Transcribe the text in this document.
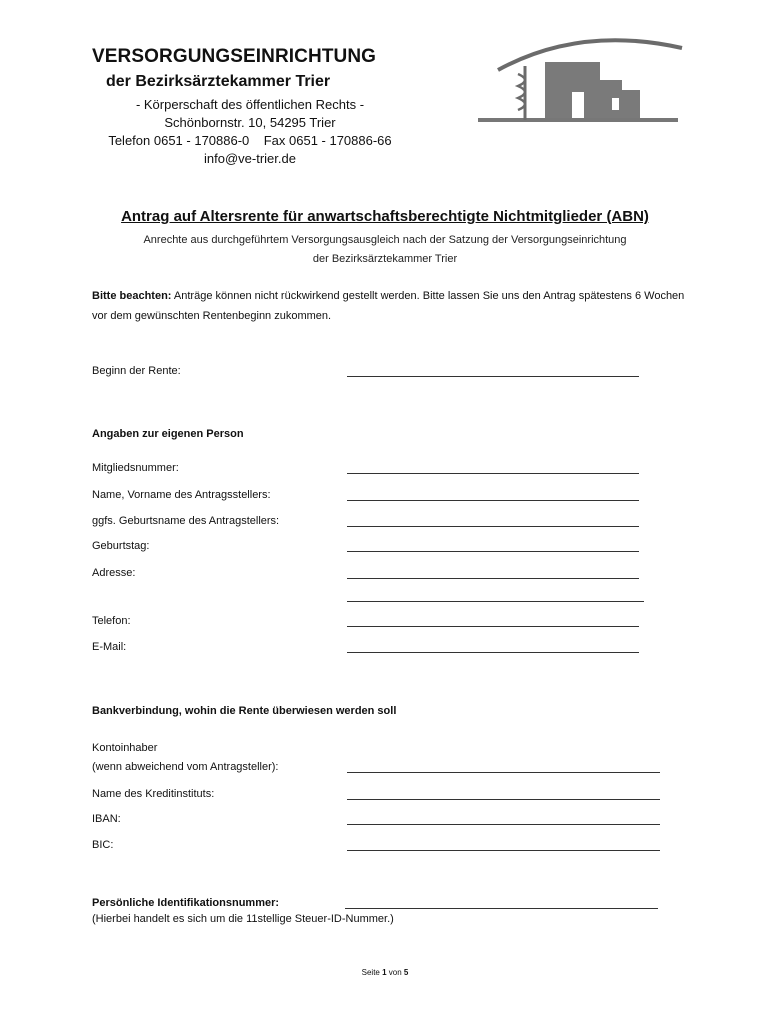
VERSORGUNGSEINRICHTUNG
der Bezirksärztekammer Trier
- Körperschaft des öffentlichen Rechts -
Schönbornstr. 10, 54295 Trier
Telefon 0651 - 170886-0    Fax 0651 - 170886-66
info@ve-trier.de
Antrag auf Altersrente für anwartschaftsberechtigte Nichtmitglieder (ABN)
Anrechte aus durchgeführtem Versorgungsausgleich nach der Satzung der Versorgungseinrichtung
der Bezirksärztekammer Trier
Bitte beachten: Anträge können nicht rückwirkend gestellt werden. Bitte lassen Sie uns den Antrag spätestens 6 Wochen vor dem gewünschten Rentenbeginn zukommen.
Beginn der Rente:
Angaben zur eigenen Person
Mitgliedsnummer:
Name, Vorname des Antragsstellers:
ggfs. Geburtsname des Antragstellers:
Geburtstag:
Adresse:
Telefon:
E-Mail:
Bankverbindung, wohin die Rente überwiesen werden soll
Kontoinhaber
(wenn abweichend vom Antragsteller):
Name des Kreditinstituts:
IBAN:
BIC:
Persönliche Identifikationsnummer:
(Hierbei handelt es sich um die 11stellige Steuer-ID-Nummer.)
Seite 1 von 5
